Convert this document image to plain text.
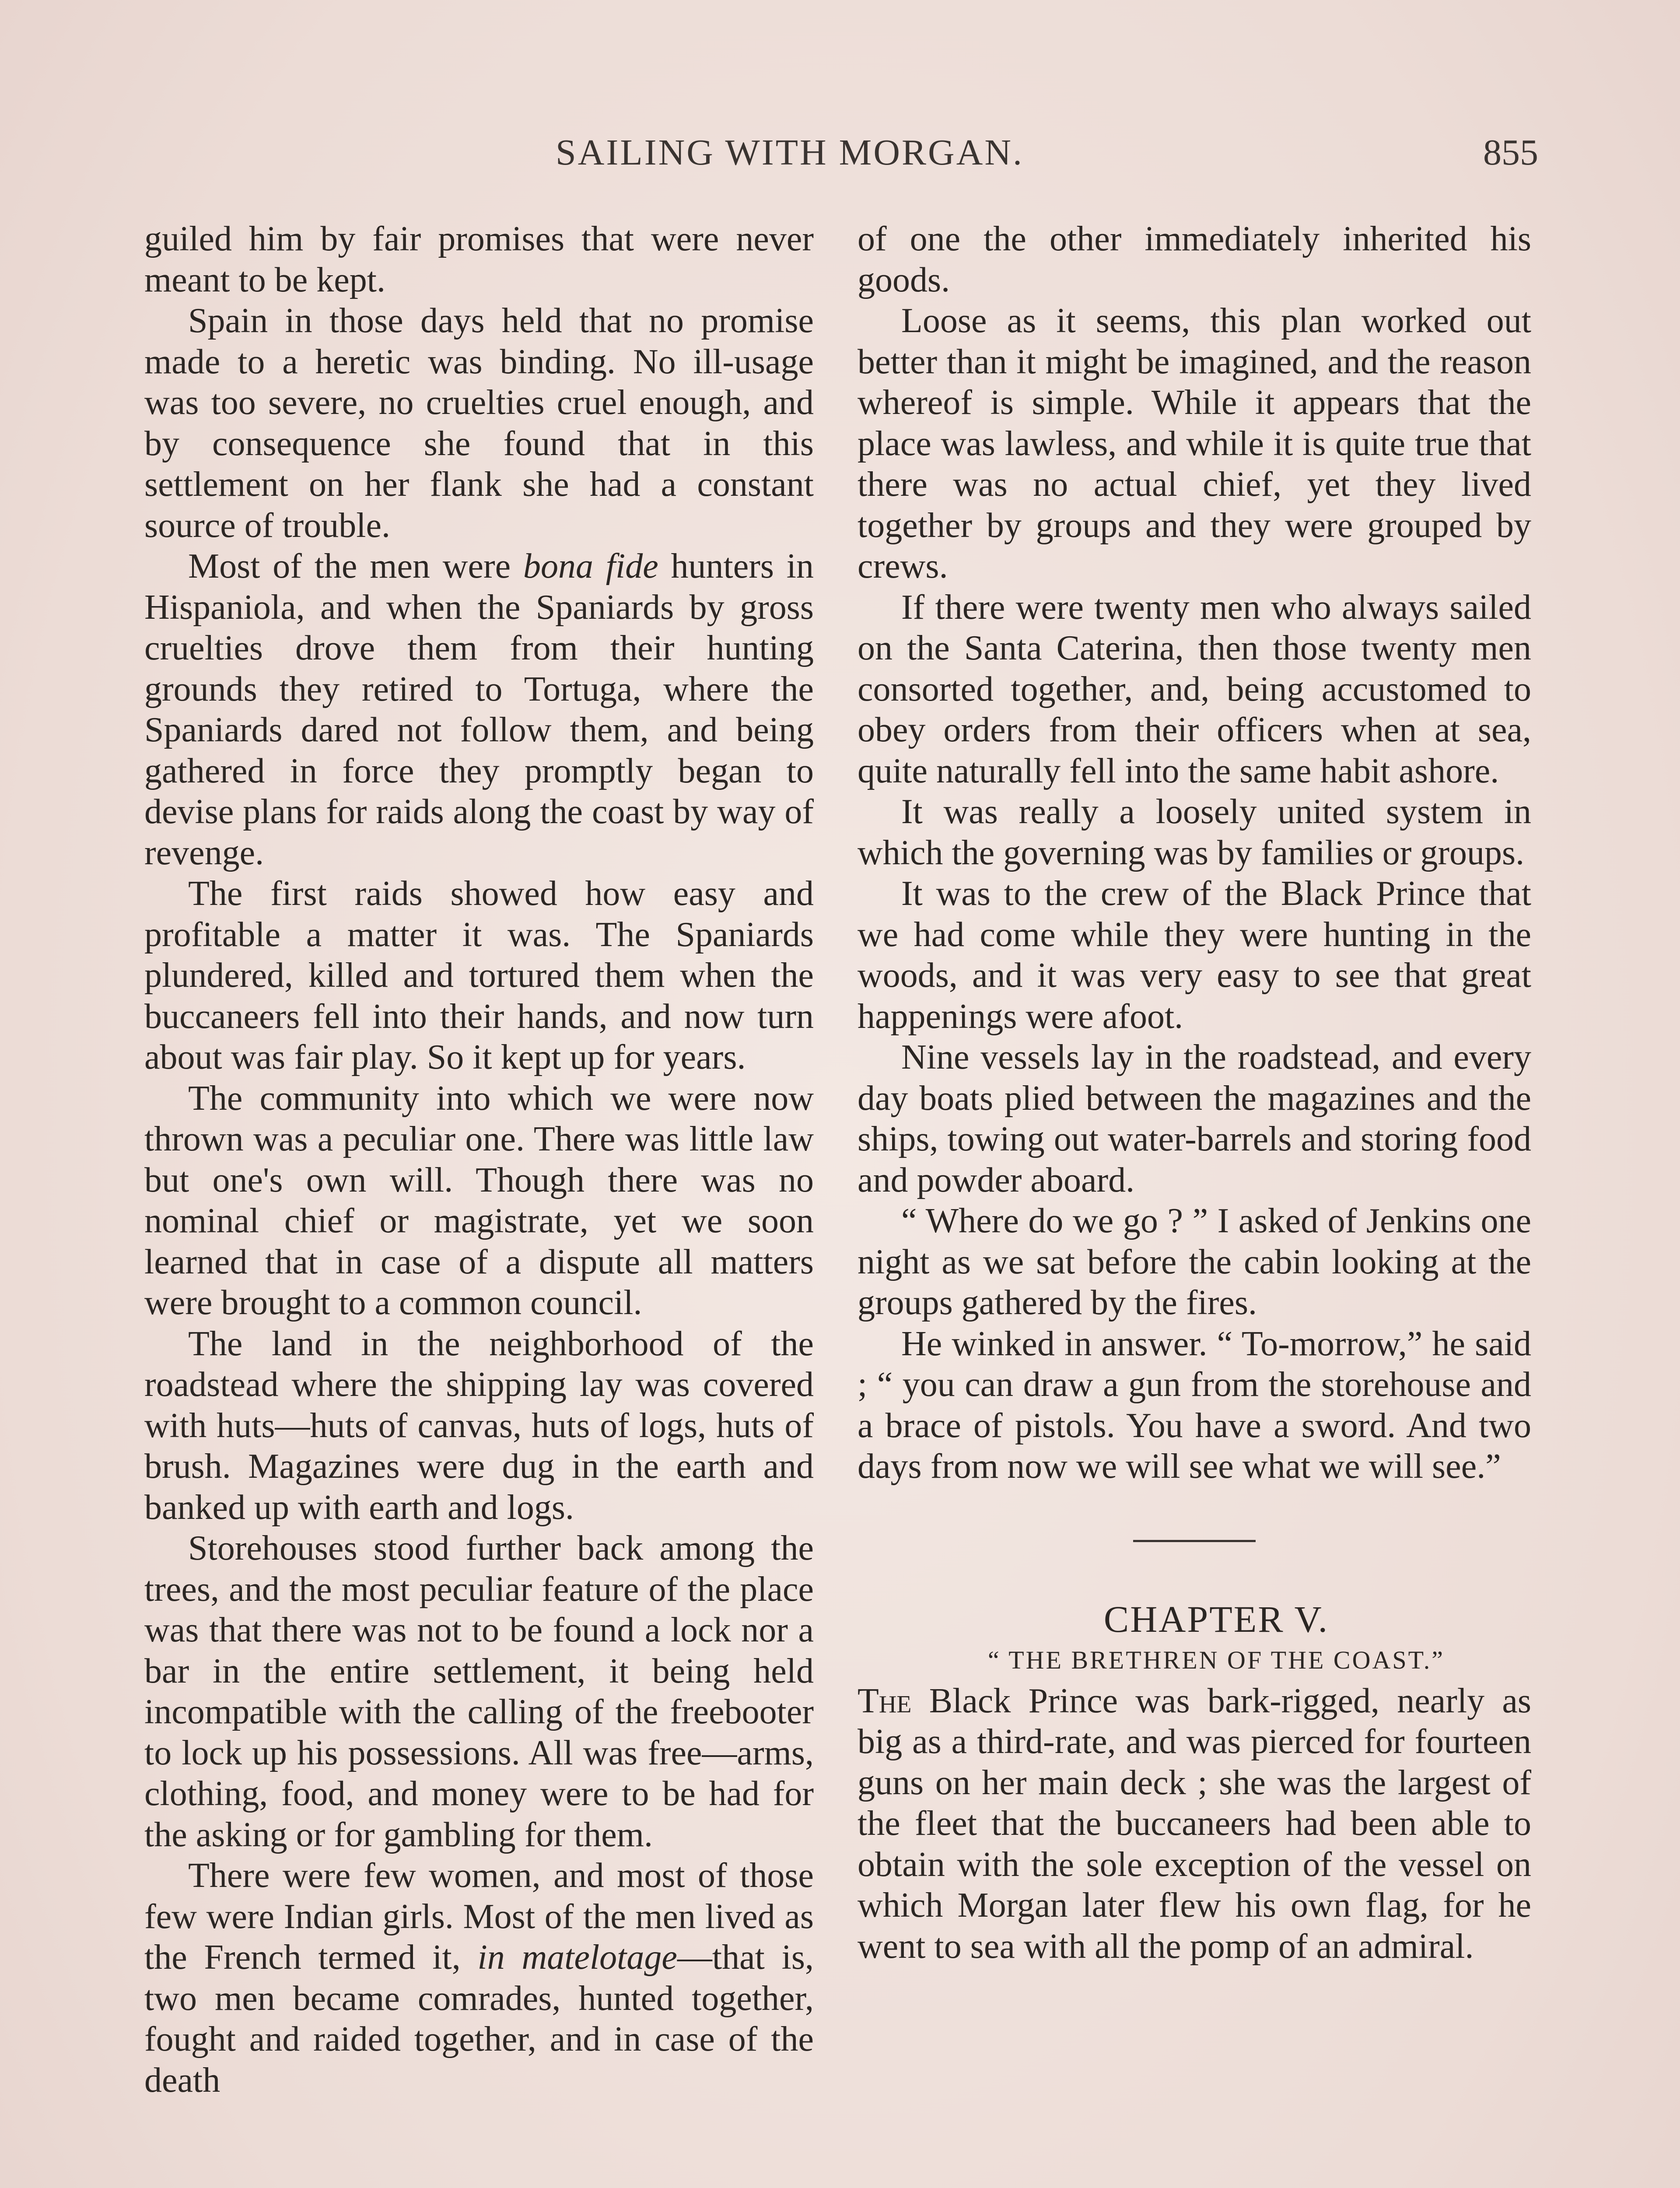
SAILING WITH MORGAN.	855

guiled him by fair promises that were never meant to be kept.

Spain in those days held that no promise made to a heretic was binding. No ill-usage was too severe, no cruelties cruel enough, and by consequence she found that in this settlement on her flank she had a constant source of trouble.

Most of the men were bona fide hunters in Hispaniola, and when the Spaniards by gross cruelties drove them from their hunting grounds they retired to Tortuga, where the Spaniards dared not follow them, and being gathered in force they promptly began to devise plans for raids along the coast by way of revenge.

The first raids showed how easy and profitable a matter it was. The Spaniards plundered, killed and tortured them when the buccaneers fell into their hands, and now turn about was fair play. So it kept up for years.

The community into which we were now thrown was a peculiar one. There was little law but one's own will. Though there was no nominal chief or magistrate, yet we soon learned that in case of a dispute all matters were brought to a common council.

The land in the neighborhood of the roadstead where the shipping lay was covered with huts—huts of canvas, huts of logs, huts of brush. Magazines were dug in the earth and banked up with earth and logs.

Storehouses stood further back among the trees, and the most peculiar feature of the place was that there was not to be found a lock nor a bar in the entire settlement, it being held incompatible with the calling of the freebooter to lock up his possessions. All was free—arms, clothing, food, and money were to be had for the asking or for gambling for them.

There were few women, and most of those few were Indian girls. Most of the men lived as the French termed it, in matelotage—that is, two men became comrades, hunted together, fought and raided together, and in case of the death

of one the other immediately inherited his goods.

Loose as it seems, this plan worked out better than it might be imagined, and the reason whereof is simple. While it appears that the place was lawless, and while it is quite true that there was no actual chief, yet they lived together by groups and they were grouped by crews.

If there were twenty men who always sailed on the Santa Caterina, then those twenty men consorted together, and, being accustomed to obey orders from their officers when at sea, quite naturally fell into the same habit ashore.

It was really a loosely united system in which the governing was by families or groups.

It was to the crew of the Black Prince that we had come while they were hunting in the woods, and it was very easy to see that great happenings were afoot.

Nine vessels lay in the roadstead, and every day boats plied between the magazines and the ships, towing out water-barrels and storing food and powder aboard.

“ Where do we go ? ” I asked of Jenkins one night as we sat before the cabin looking at the groups gathered by the fires.

He winked in answer. “ To-morrow,” he said ; “ you can draw a gun from the storehouse and a brace of pistols. You have a sword. And two days from now we will see what we will see.”

CHAPTER V.

“ THE BRETHREN OF THE COAST.”

The Black Prince was bark-rigged, nearly as big as a third-rate, and was pierced for fourteen guns on her main deck ; she was the largest of the fleet that the buccaneers had been able to obtain with the sole exception of the vessel on which Morgan later flew his own flag, for he went to sea with all the pomp of an admiral.
